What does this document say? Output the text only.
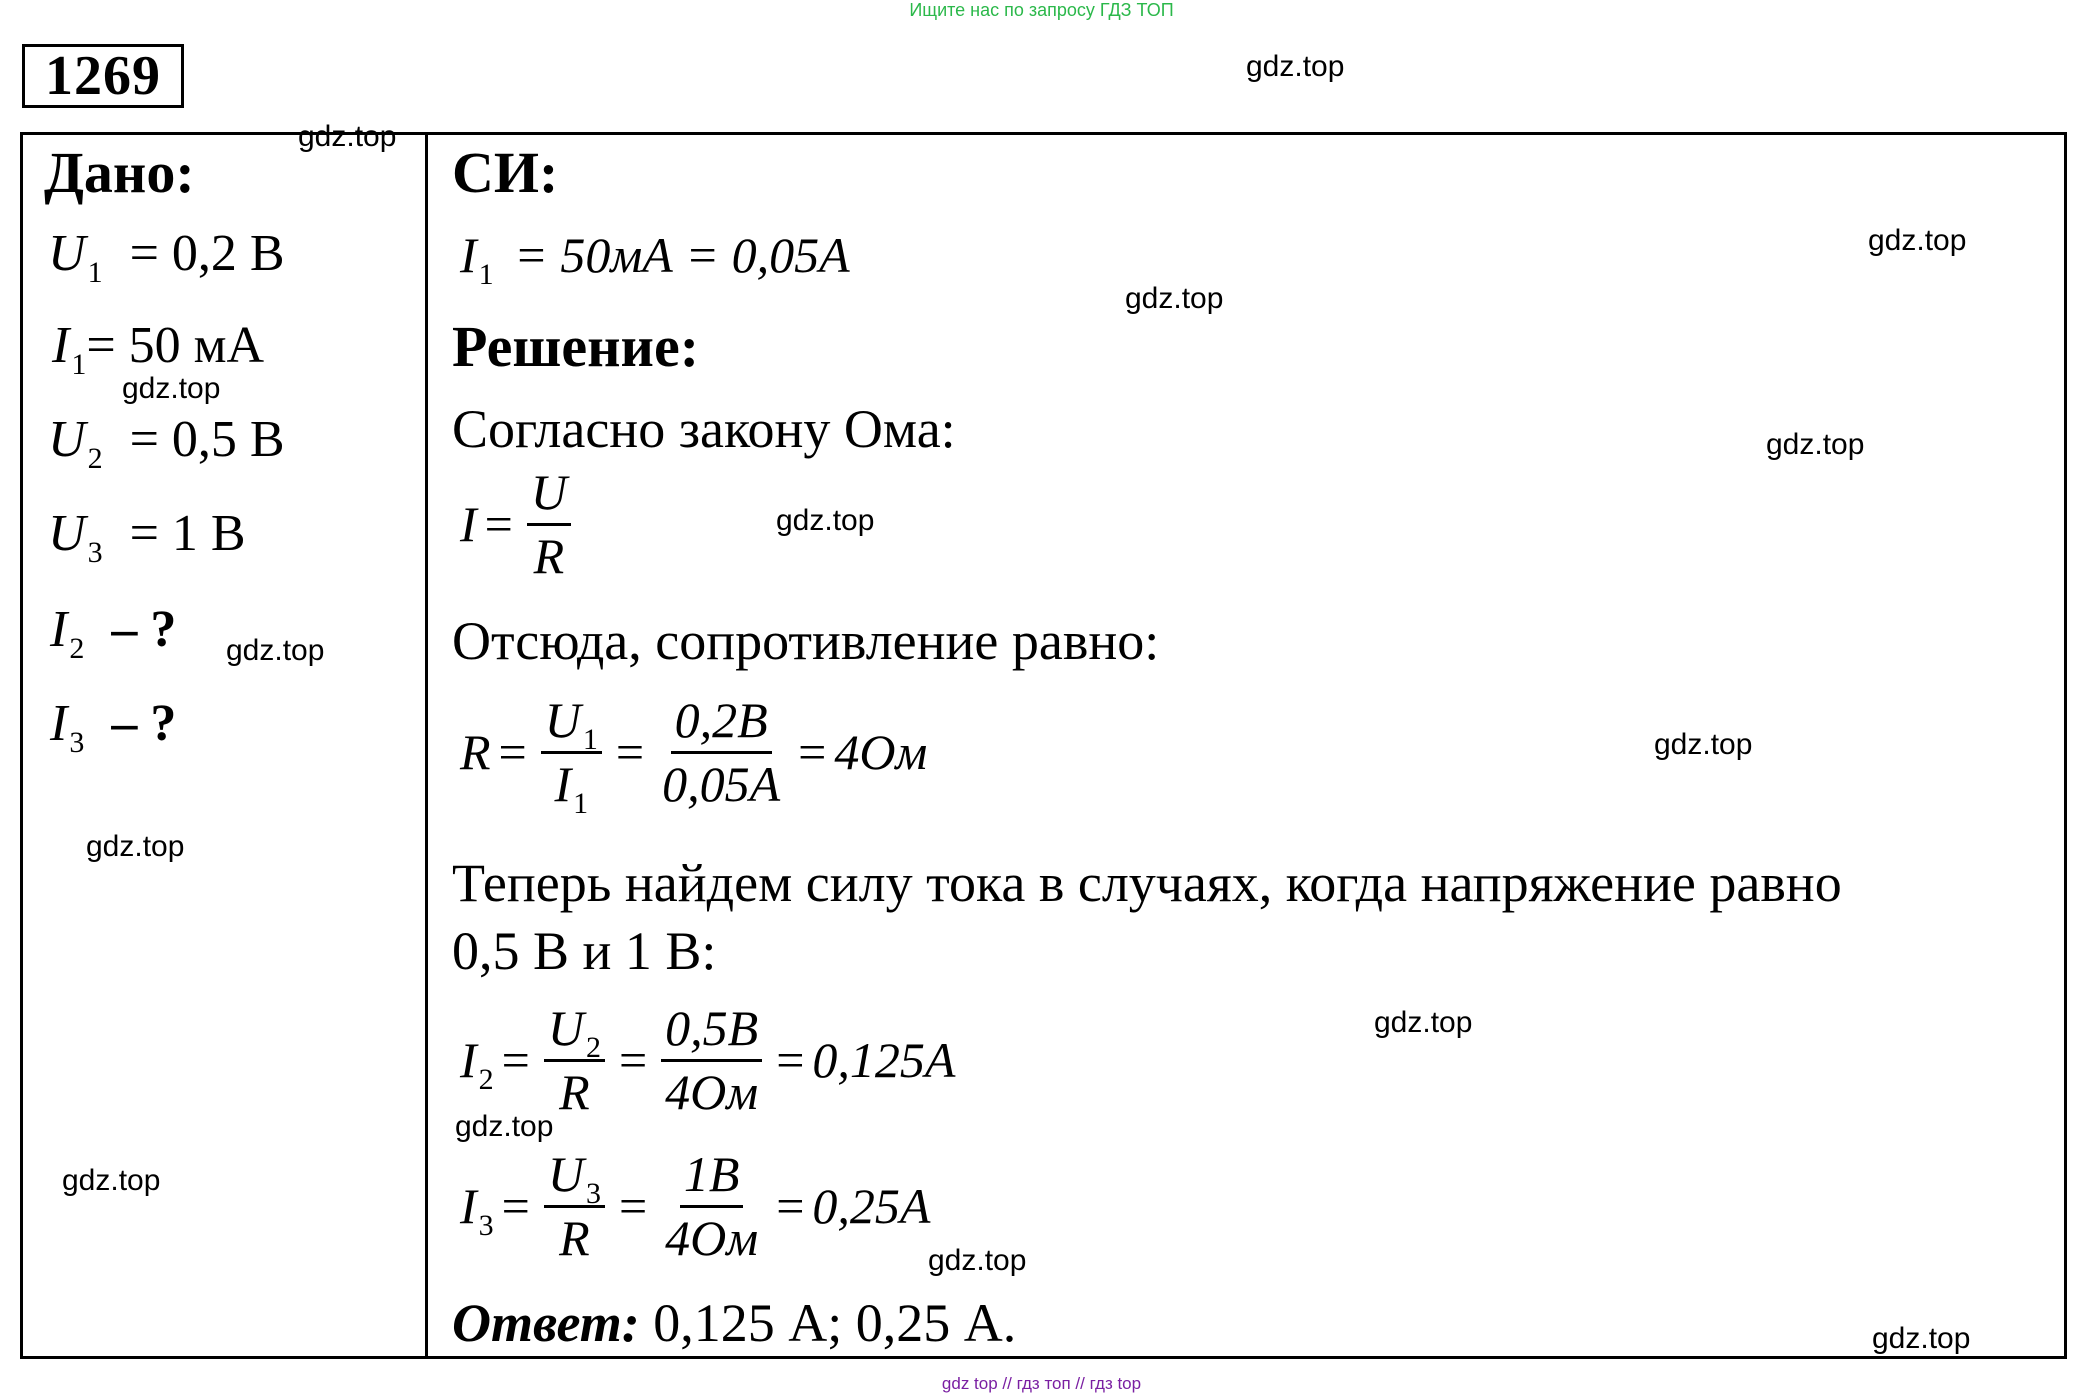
Ищите нас по запросу ГДЗ ТОП
1269
Дано:
$U_1 = 0,2$ В
$I_1= 50$ мА
$U_2 = 0,5$ В
$U_3 = 1$ В
$I_2$ – ?
$I_3$ – ?
СИ:
$I_1 = 50мА = 0,05А$
Решение:
Согласно закону Ома:
$I = \frac{U}{R}$
Отсюда, сопротивление равно:
$R = \frac{U_1}{I_1} = \frac{0,2В}{0,05А} = 4Ом$
Теперь найдем силу тока в случаях, когда напряжение равно
0,5 В и 1 В:
$I_2 = \frac{U_2}{R} = \frac{0,5В}{4Ом} = 0,125А$
$I_3 = \frac{U_3}{R} = \frac{1В}{4Ом} = 0,25А$
Ответ: 0,125 А; 0,25 А.
gdz.top
gdz.top
gdz.top
gdz.top
gdz.top
gdz.top
gdz.top
gdz.top
gdz.top
gdz.top
gdz.top
gdz.top
gdz.top
gdz.top
gdz.top
gdz top // гдз топ // гдз top
